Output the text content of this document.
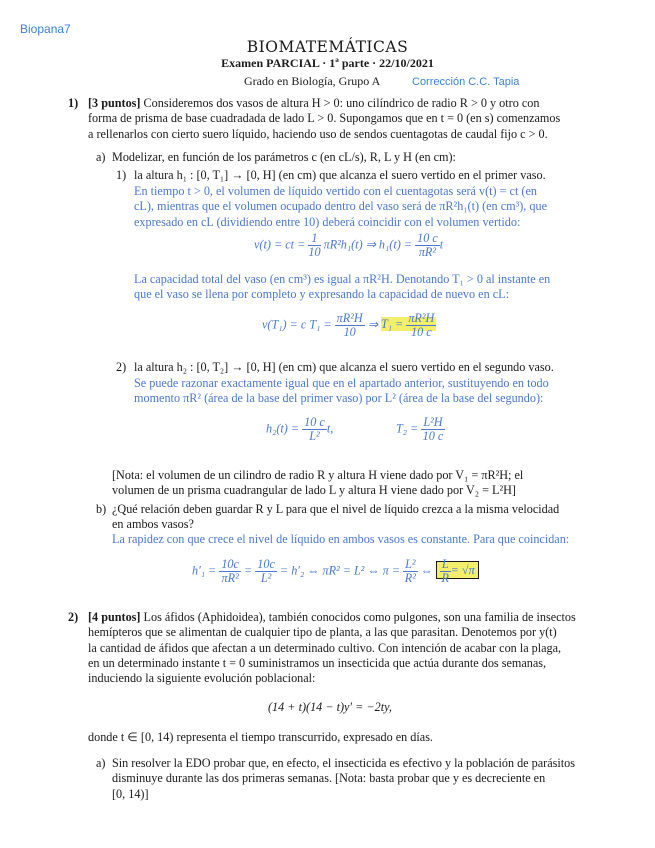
Biopana7
BIOMATEMÁTICAS
Examen PARCIAL · 1ª parte · 22/10/2021
Grado en Biología, Grupo A	Corrección C.C. Tapia
1) [3 puntos] Consideremos dos vasos de altura H > 0: uno cilíndrico de radio R > 0 y otro con
forma de prisma de base cuadradada de lado L > 0. Supongamos que en t = 0 (en s) comenzamos
a rellenarlos con cierto suero líquido, haciendo uso de sendos cuentagotas de caudal fijo c > 0.
a) Modelizar, en función de los parámetros c (en cL/s), R, L y H (en cm):
1) la altura h₁ : [0, T₁] → [0, H] (en cm) que alcanza el suero vertido en el primer vaso.
En tiempo t > 0, el volumen de líquido vertido con el cuentagotas será v(t) = ct (en
cL), mientras que el volumen ocupado dentro del vaso será de πR²h₁(t) (en cm³), que
expresado en cL (dividiendo entre 10) deberá coincidir con el volumen vertido:
v(t) = ct = $\frac{1}{10} \pi R^2h_1(t)$ ⇒ $h_1(t) = \frac{10 c}{\text{πR²}}$ t
La capacidad total del vaso (en cm³) es igual a πR²H. Denotando T₁ > 0 al instante en
que el vaso se llena por completo y expresando la capacidad de nuevo en cL:
v(T₁) = c $T_1 = \frac{\text{πR²H}}{10}$ ⇒ $T_1 = \frac{\text{πR²H}}{10 c}$
2) la altura h₂ : [0, T₂] → [0, H] (en cm) que alcanza el suero vertido en el segundo vaso.
Se puede razonar exactamente igual que en el apartado anterior, sustituyendo en todo
momento πR² (área de la base del primer vaso) por L² (área de la base del segundo):
$h_2(t) = \frac{10 c}{\text{L²}} t$,	$T_2 = \frac{\text{L²H}}{10 c}$
[Nota: el volumen de un cilindro de radio R y altura H viene dado por V₁ = πR²H; el
volumen de un prisma cuadrangular de lado L y altura H viene dado por V₂ = L²H]
b) ¿Qué relación deben guardar R y L para que el nivel de líquido crezca a la misma velocidad
en ambos vasos?
La rapidez con que crece el nivel de líquido en ambos vasos es constante. Para que coincidan:
$h'_1 = \frac{10c}{\text{πR²}} = \frac{10c}{\text{L²}} = h'_2$ ⇔ πR² = L² ⇔ $\pi = \frac{\text{L²}}{\text{R²}}$ ⇔ $\frac{L}{R} = √\pi$
2) [4 puntos] Los áfidos (Aphidoidea), también conocidos como pulgones, son una familia de insectos
hemípteros que se alimentan de cualquier tipo de planta, a las que parasitan. Denotemos por y(t)
la cantidad de áfidos que afectan a un determinado cultivo. Con intención de acabar con la plaga,
en un determinado instante t = 0 suministramos un insecticida que actúa durante dos semanas,
induciendo la siguiente evolución poblacional:
(14 + t)(14 − t)y′ = −2ty,
donde t ∈ [0, 14) representa el tiempo transcurrido, expresado en días.
a) Sin resolver la EDO probar que, en efecto, el insecticida es efectivo y la población de parásitos
disminuye durante las dos primeras semanas. [Nota: basta probar que y es decreciente en
[0, 14)]
